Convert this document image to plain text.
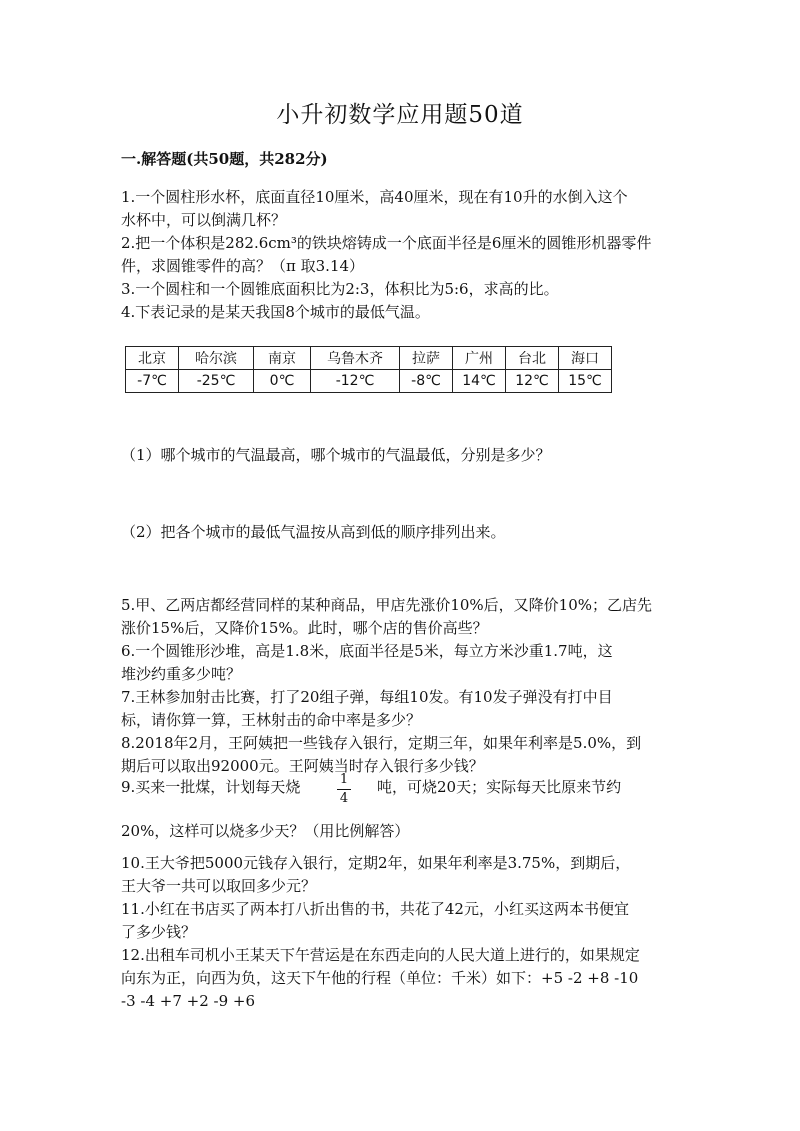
小升初数学应用题50道
一.解答题(共50题，共282分)

1.一个圆柱形水杯，底面直径10厘米，高40厘米，现在有10升的水倒入这个

水杯中，可以倒满几杯？

2.把一个体积是282.6cm³的铁块熔铸成一个底面半径是6厘米的圆锥形机器零件

件，求圆锥零件的高？（π 取3.14）

3.一个圆柱和一个圆锥底面积比为2:3，体积比为5:6，求高的比。

4.下表记录的是某天我国8个城市的最低气温。

北京	哈尔滨	南京	乌鲁木齐	拉萨	广州	台北	海口
-7℃	-25℃	0℃	-12℃	-8℃	14℃	12℃	15℃
（1）哪个城市的气温最高，哪个城市的气温最低，分别是多少？
（2）把各个城市的最低气温按从高到低的顺序排列出来。

5.甲、乙两店都经营同样的某种商品，甲店先涨价10%后，又降价10%；乙店先

涨价15%后，又降价15%。此时，哪个店的售价高些？

6.一个圆锥形沙堆，高是1.8米，底面半径是5米，每立方米沙重1.7吨，这

堆沙约重多少吨？

7.王林参加射击比赛，打了20组子弹，每组10发。有10发子弹没有打中目

标，请你算一算，王林射击的命中率是多少？

8.2018年2月，王阿姨把一些钱存入银行，定期三年，如果年利率是5.0%，到

期后可以取出92000元。王阿姨当时存入银行多少钱？

9.买来一批煤，计划每天烧	1
4
吨，可烧20天；实际每天比原来节约
20%，这样可以烧多少天？（用比例解答）

10.王大爷把5000元钱存入银行，定期2年，如果年利率是3.75%，到期后，

王大爷一共可以取回多少元？

11.小红在书店买了两本打八折出售的书，共花了42元，小红买这两本书便宜

了多少钱？

12.出租车司机小王某天下午营运是在东西走向的人民大道上进行的，如果规定

向东为正，向西为负，这天下午他的行程（单位：千米）如下：+5 -2 +8 -10

-3 -4 +7 +2 -9 +6
